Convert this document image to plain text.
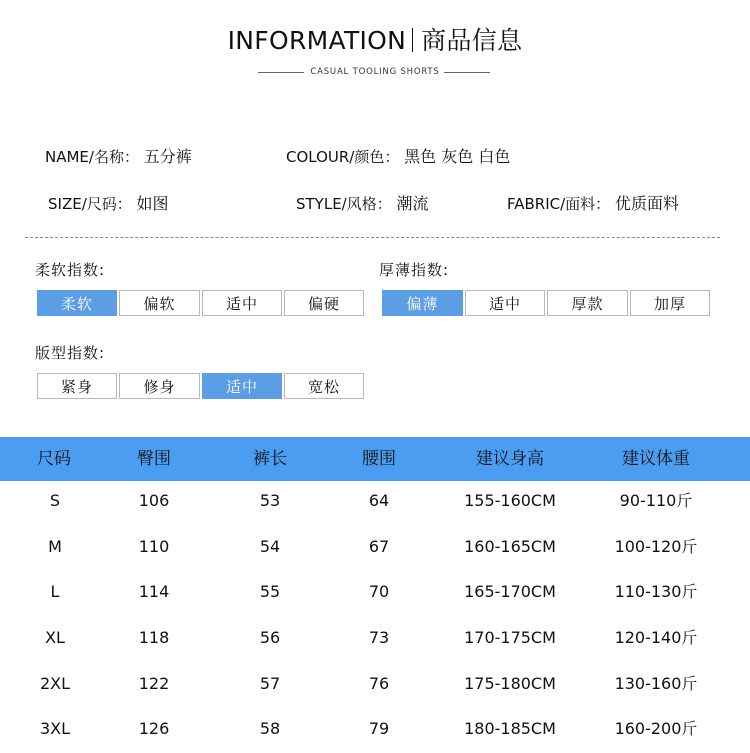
INFORMATION 商品信息
CASUAL TOOLING SHORTS
NAME/名称： 五分裤	COLOUR/颜色： 黑色 灰色 白色
SIZE/尺码： 如图	STYLE/风格： 潮流	FABRIC/面料： 优质面料
柔软指数:
柔软	偏软	适中	偏硬
厚薄指数:
偏薄	适中	厚款	加厚
版型指数:
紧身	修身	适中	宽松
尺码	臀围	裤长	腰围	建议身高	建议体重
S	106	53	64	155-160CM	90-110斤
M	110	54	67	160-165CM	100-120斤
L	114	55	70	165-170CM	110-130斤
XL	118	56	73	170-175CM	120-140斤
2XL	122	57	76	175-180CM	130-160斤
3XL	126	58	79	180-185CM	160-200斤
